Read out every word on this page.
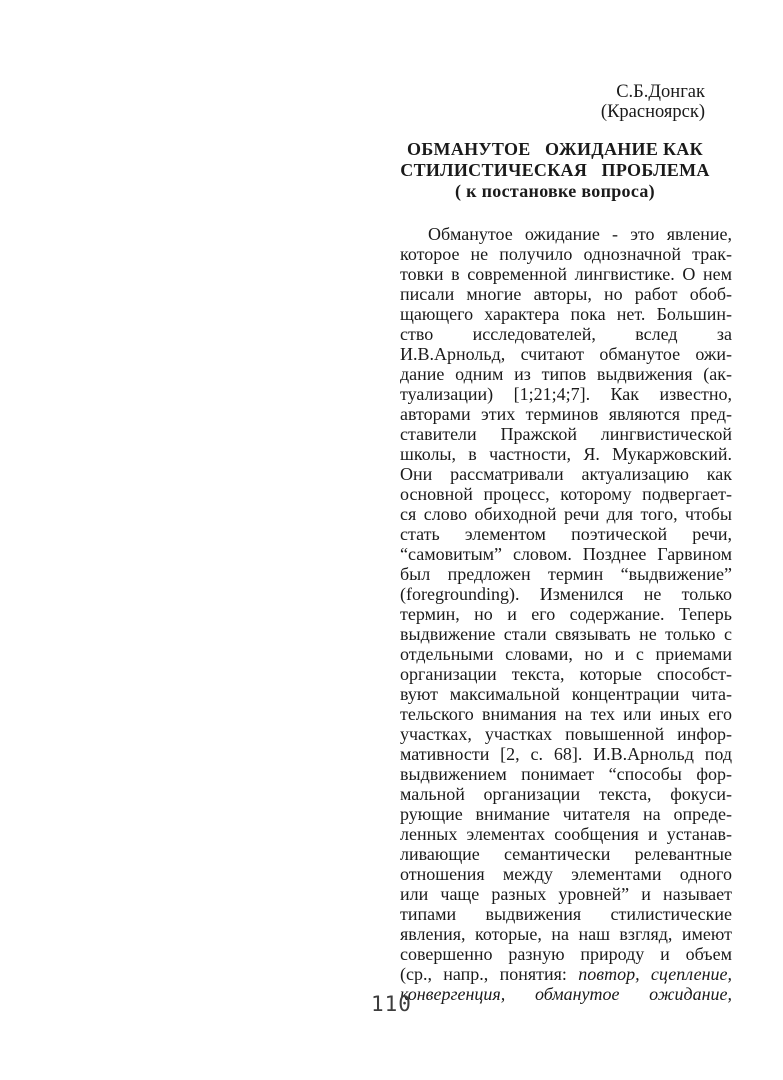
С.Б.Донгак
(Красноярск)
ОБМАНУТОЕ   ОЖИДАНИЕ КАК
СТИЛИСТИЧЕСКАЯ   ПРОБЛЕМА
( к постановке вопроса)
Обманутое ожидание - это явление,
которое не получило однозначной трак-
товки в современной лингвистике. О нем
писали многие авторы, но работ обоб-
щающего характера пока нет. Большин-
ство исследователей, вслед за
И.В.Арнольд, считают обманутое ожи-
дание одним из типов выдвижения (ак-
туализации) [1;21;4;7]. Как известно,
авторами этих терминов являются пред-
ставители Пражской лингвистической
школы, в частности, Я. Мукаржовский.
Они рассматривали актуализацию как
основной процесс, которому подвергает-
ся слово обиходной речи для того, чтобы
стать элементом поэтической речи,
“самовитым” словом. Позднее Гарвином
был предложен термин “выдвижение”
(foregrounding). Изменился не только
термин, но и его содержание. Теперь
выдвижение стали связывать не только с
отдельными словами, но и с приемами
организации текста, которые способст-
вуют максимальной концентрации чита-
тельского внимания на тех или иных его
участках, участках повышенной инфор-
мативности [2, с. 68]. И.В.Арнольд под
выдвижением понимает “способы фор-
мальной организации текста, фокуси-
рующие внимание читателя на опреде-
ленных элементах сообщения и устанав-
ливающие семантически релевантные
отношения между элементами одного
или чаще разных уровней” и называет
типами выдвижения стилистические
явления, которые, на наш взгляд, имеют
совершенно разную природу и объем
(ср., напр., понятия: повтор, сцепление,
конвергенция, обманутое ожидание,
110
